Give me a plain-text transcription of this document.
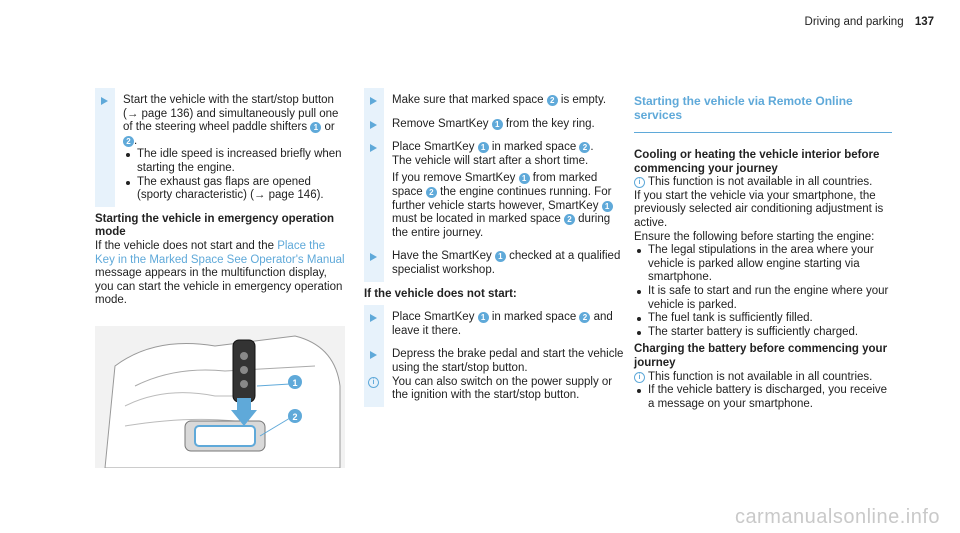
Driving and parking 137

Start the vehicle with the start/stop button (→ page 136) and simultaneously pull one of the steering wheel paddle shifters 1 or 2 .

The idle speed is increased briefly when starting the engine.
The exhaust gas flaps are opened (sporty characteristic) (→ page 146).

Starting the vehicle in emergency operation mode

If the vehicle does not start and the Place the Key in the Marked Space See Operator's Manual message appears in the multifunction display, you can start the vehicle in emergency operation mode.

1
2

Make sure that marked space 2 is empty.

Remove SmartKey 1 from the key ring.

Place SmartKey 1 in marked space 2 .

The vehicle will start after a short time.

If you remove SmartKey 1 from marked space 2 the engine continues running. For further vehicle starts however, SmartKey 1 must be located in marked space 2 during the entire journey.

Have the SmartKey 1 checked at a qualified specialist workshop.

If the vehicle does not start:

Place SmartKey 1 in marked space 2 and leave it there.

Depress the brake pedal and start the vehicle using the start/stop button.

i	You can also switch on the power supply or the ignition with the start/stop button.
Starting the vehicle via Remote Online services

Cooling or heating the vehicle interior before commencing your journey

i This function is not available in all countries.

If you start the vehicle via your smartphone, the previously selected air conditioning adjustment is active.

Ensure the following before starting the engine:

The legal stipulations in the area where your vehicle is parked allow engine starting via smartphone.
It is safe to start and run the engine where your vehicle is parked.
The fuel tank is sufficiently filled.
The starter battery is sufficiently charged.

Charging the battery before commencing your journey

i This function is not available in all countries.
If the vehicle battery is discharged, you receive a message on your smartphone.
carmanualsonline.info
